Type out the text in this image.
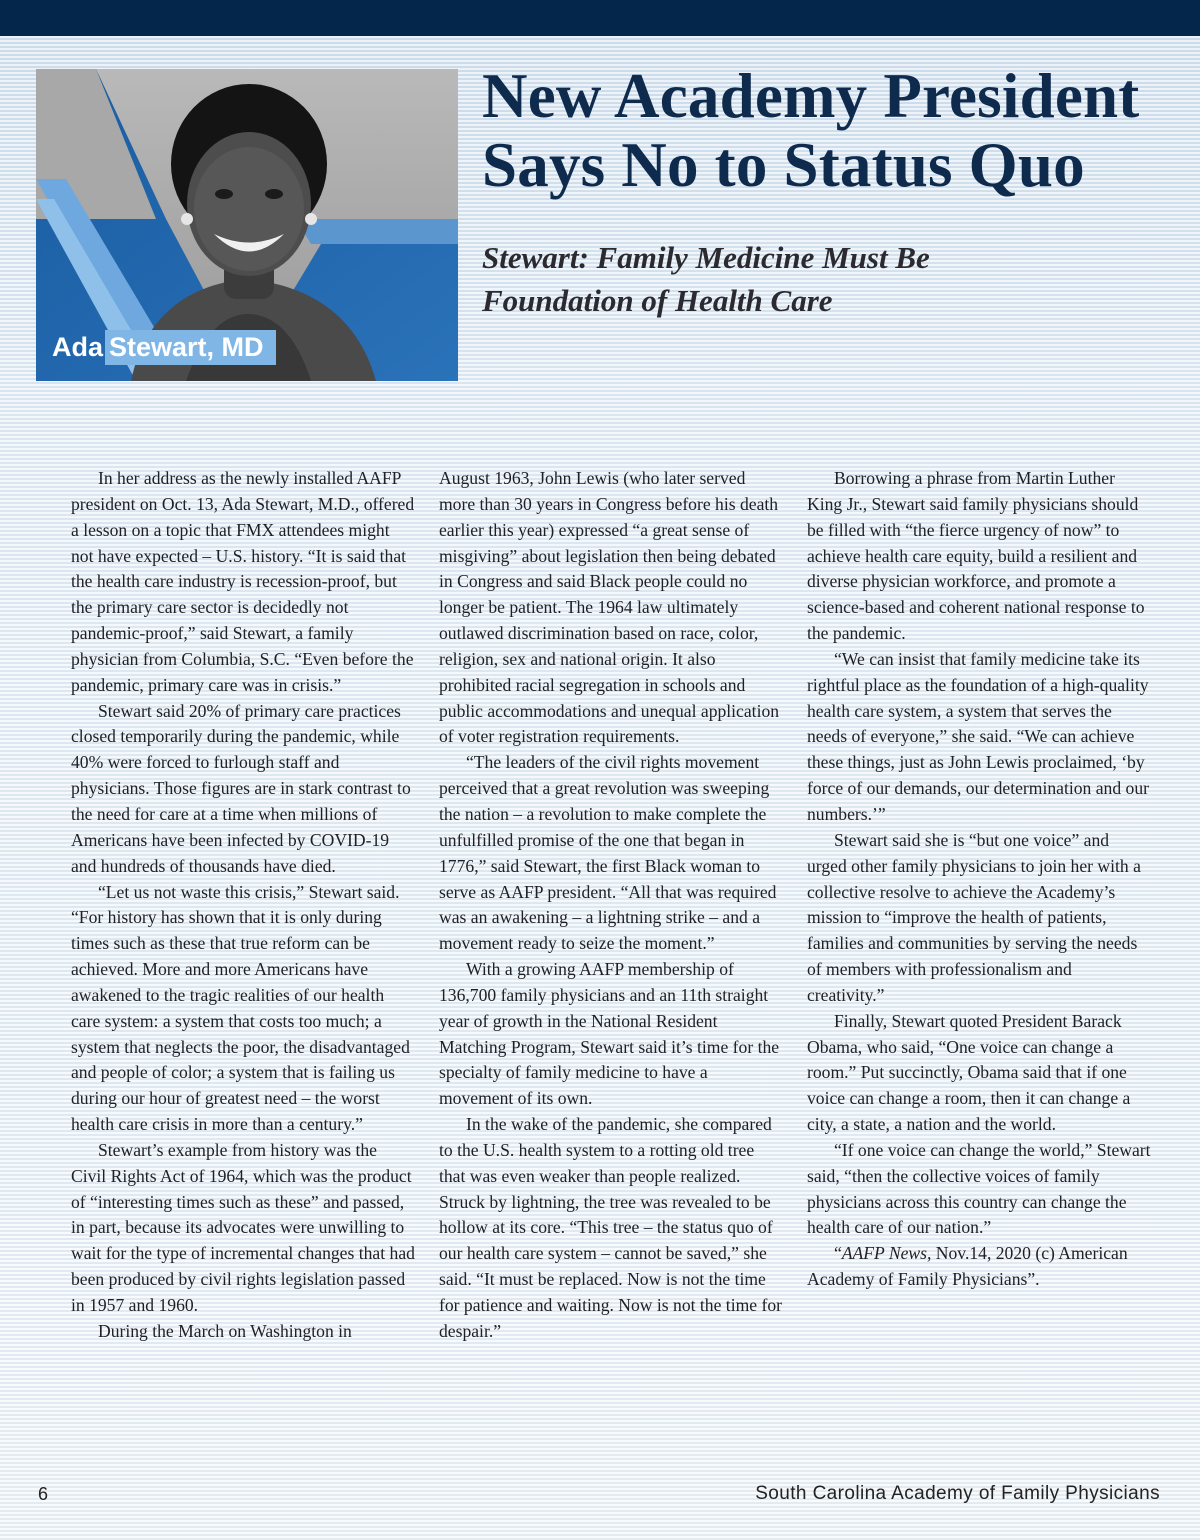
Ada Stewart, MD
New Academy President
Says No to Status Quo
Stewart: Family Medicine Must Be
Foundation of Health Care

In her address as the newly installed AAFP president on Oct. 13, Ada Stewart, M.D., offered a lesson on a topic that FMX attendees might not have expected – U.S. history. “It is said that the health care industry is recession-proof, but the primary care sector is decidedly not pandemic-proof,” said Stewart, a family physician from Columbia, S.C. “Even before the pandemic, primary care was in crisis.”

Stewart said 20% of primary care practices closed temporarily during the pandemic, while 40% were forced to furlough staff and physicians. Those figures are in stark contrast to the need for care at a time when millions of Americans have been infected by COVID-19 and hundreds of thousands have died.

“Let us not waste this crisis,” Stewart said. “For history has shown that it is only during times such as these that true reform can be achieved. More and more Americans have awakened to the tragic realities of our health care system: a system that costs too much; a system that neglects the poor, the disadvantaged and people of color; a system that is failing us during our hour of greatest need – the worst health care crisis in more than a century.”

Stewart’s example from history was the Civil Rights Act of 1964, which was the product of “interesting times such as these” and passed, in part, because its advocates were unwilling to wait for the type of incremental changes that had been produced by civil rights legislation passed in 1957 and 1960.

During the March on Washington in

August 1963, John Lewis (who later served more than 30 years in Congress before his death earlier this year) expressed “a great sense of misgiving” about legislation then being debated in Congress and said Black people could no longer be patient. The 1964 law ultimately outlawed discrimination based on race, color, religion, sex and national origin. It also prohibited racial segregation in schools and public accommodations and unequal application of voter registration requirements.

“The leaders of the civil rights movement perceived that a great revolution was sweeping the nation – a revolution to make complete the unfulfilled promise of the one that began in 1776,” said Stewart, the first Black woman to serve as AAFP president. “All that was required was an awakening – a lightning strike – and a movement ready to seize the moment.”

With a growing AAFP membership of 136,700 family physicians and an 11th straight year of growth in the National Resident Matching Program, Stewart said it’s time for the specialty of family medicine to have a movement of its own.

In the wake of the pandemic, she compared to the U.S. health system to a rotting old tree that was even weaker than people realized. Struck by lightning, the tree was revealed to be hollow at its core. “This tree – the status quo of our health care system – cannot be saved,” she said. “It must be replaced. Now is not the time for patience and waiting. Now is not the time for despair.”

Borrowing a phrase from Martin Luther King Jr., Stewart said family physicians should be filled with “the fierce urgency of now” to achieve health care equity, build a resilient and diverse physician workforce, and promote a science-based and coherent national response to the pandemic.

“We can insist that family medicine take its rightful place as the foundation of a high-quality health care system, a system that serves the needs of everyone,” she said. “We can achieve these things, just as John Lewis proclaimed, ‘by force of our demands, our determination and our numbers.’”

Stewart said she is “but one voice” and urged other family physicians to join her with a collective resolve to achieve the Academy’s mission to “improve the health of patients, families and communities by serving the needs of members with professionalism and creativity.”

Finally, Stewart quoted President Barack Obama, who said, “One voice can change a room.” Put succinctly, Obama said that if one voice can change a room, then it can change a city, a state, a nation and the world.

“If one voice can change the world,” Stewart said, “then the collective voices of family physicians across this country can change the health care of our nation.”

“AAFP News, Nov.14, 2020 (c) American Academy of Family Physicians”.

6	South Carolina Academy of Family Physicians
